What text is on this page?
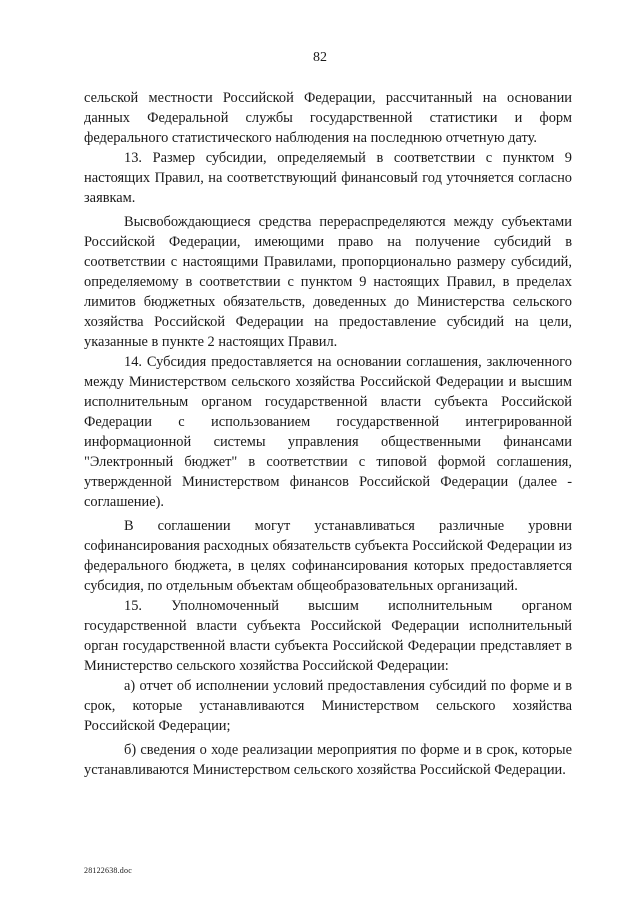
82

сельской местности Российской Федерации, рассчитанный на основании данных Федеральной службы государственной статистики и форм федерального статистического наблюдения на последнюю отчетную дату.

13. Размер субсидии, определяемый в соответствии с пунктом 9 настоящих Правил, на соответствующий финансовый год уточняется согласно заявкам.

Высвобождающиеся средства перераспределяются между субъектами Российской Федерации, имеющими право на получение субсидий в соответствии с настоящими Правилами, пропорционально размеру субсидий, определяемому в соответствии с пунктом 9 настоящих Правил, в пределах лимитов бюджетных обязательств, доведенных до Министерства сельского хозяйства Российской Федерации на предоставление субсидий на цели, указанные в пункте 2 настоящих Правил.

14. Субсидия предоставляется на основании соглашения, заключенного между Министерством сельского хозяйства Российской Федерации и высшим исполнительным органом государственной власти субъекта Российской Федерации с использованием государственной интегрированной информационной системы управления общественными финансами "Электронный бюджет" в соответствии с типовой формой соглашения, утвержденной Министерством финансов Российской Федерации (далее - соглашение).

В соглашении могут устанавливаться различные уровни софинансирования расходных обязательств субъекта Российской Федерации из федерального бюджета, в целях софинансирования которых предоставляется субсидия, по отдельным объектам общеобразовательных организаций.

15. Уполномоченный высшим исполнительным органом государственной власти субъекта Российской Федерации исполнительный орган государственной власти субъекта Российской Федерации представляет в Министерство сельского хозяйства Российской Федерации:

а) отчет об исполнении условий предоставления субсидий по форме и в срок, которые устанавливаются Министерством сельского хозяйства Российской Федерации;

б) сведения о ходе реализации мероприятия по форме и в срок, которые устанавливаются Министерством сельского хозяйства Российской Федерации.

28122638.doc
